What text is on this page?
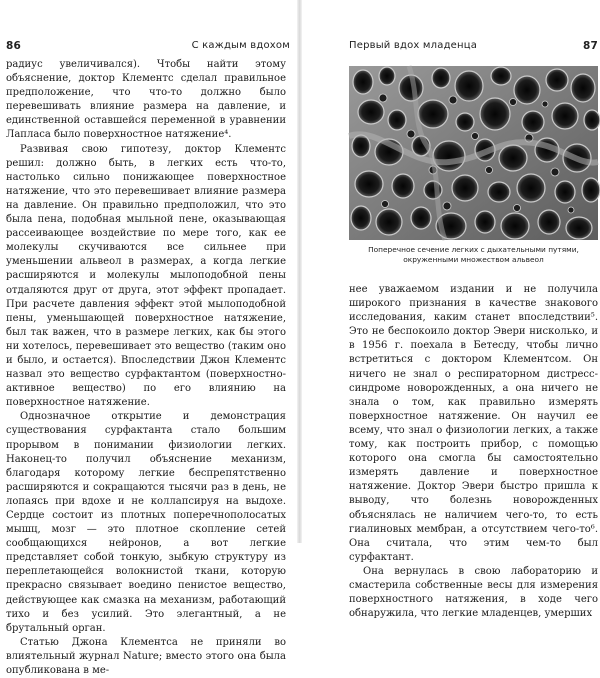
86	С каждым вдохом

радиус увеличивался). Чтобы найти этому объяснение, доктор Клементс сделал правильное предположение, что что-то должно было перевешивать влияние размера на давление, и единственной оставшейся переменной в уравнении Лапласа было поверхностное натяжение⁴.

Развивая свою гипотезу, доктор Клементс решил: должно быть, в легких есть что-то, настолько сильно понижающее поверхностное натяжение, что это перевешивает влияние размера на давление. Он правильно предположил, что это была пена, подобная мыльной пене, оказывающая рассеивающее воздействие по мере того, как ее молекулы скучиваются все сильнее при уменьшении альвеол в размерах, а когда легкие расширяются и молекулы мылоподобной пены отдаляются друг от друга, этот эффект пропадает. При расчете давления эффект этой мылоподобной пены, уменьшающей поверхностное натяжение, был так важен, что в размере легких, как бы этого ни хотелось, перевешивает это вещество (таким оно и было, и остается). Впоследствии Джон Клементс назвал это вещество сурфактантом (поверхностно-активное вещество) по его влиянию на поверхностное натяжение.

Однозначное открытие и демонстрация существования сурфактанта стало большим прорывом в понимании физиологии легких. Наконец-то получил объяснение механизм, благодаря которому легкие беспрепятственно расширяются и сокращаются тысячи раз в день, не лопаясь при вдохе и не коллапсируя на выдохе. Сердце состоит из плотных поперечнополосатых мышц, мозг — это плотное скопление сетей сообщающихся нейронов, а вот легкие представляет собой тонкую, зыбкую структуру из переплетающейся волокнистой ткани, которую прекрасно связывает воедино пенистое вещество, действующее как смазка на механизм, работающий тихо и без усилий. Это элегантный, а не брутальный орган.

Статью Джона Клементса не приняли во влиятельный журнал Nature; вместо этого она была опубликована в ме-

Первый вдох младенца	87
Поперечное сечение легких с дыхательными путями, окруженными множеством альвеол

нее уважаемом издании и не получила широкого признания в качестве знакового исследования, каким станет впоследствии⁵. Это не беспокоило доктор Эвери нисколько, и в 1956 г. поехала в Бетесду, чтобы лично встретиться с доктором Клементсом. Он ничего не знал о респираторном дистресс-синдроме новорожденных, а она ничего не знала о том, как правильно измерять поверхностное натяжение. Он научил ее всему, что знал о физиологии легких, а также тому, как построить прибор, с помощью которого она смогла бы самостоятельно измерять давление и поверхностное натяжение. Доктор Эвери быстро пришла к выводу, что болезнь новорожденных объяснялась не наличием чего-то, то есть гиалиновых мембран, а отсутствием чего-то⁶. Она считала, что этим чем-то был сурфактант.

Она вернулась в свою лабораторию и смастерила собственные весы для измерения поверхностного натяжения, в ходе чего обнаружила, что легкие младенцев, умерших
